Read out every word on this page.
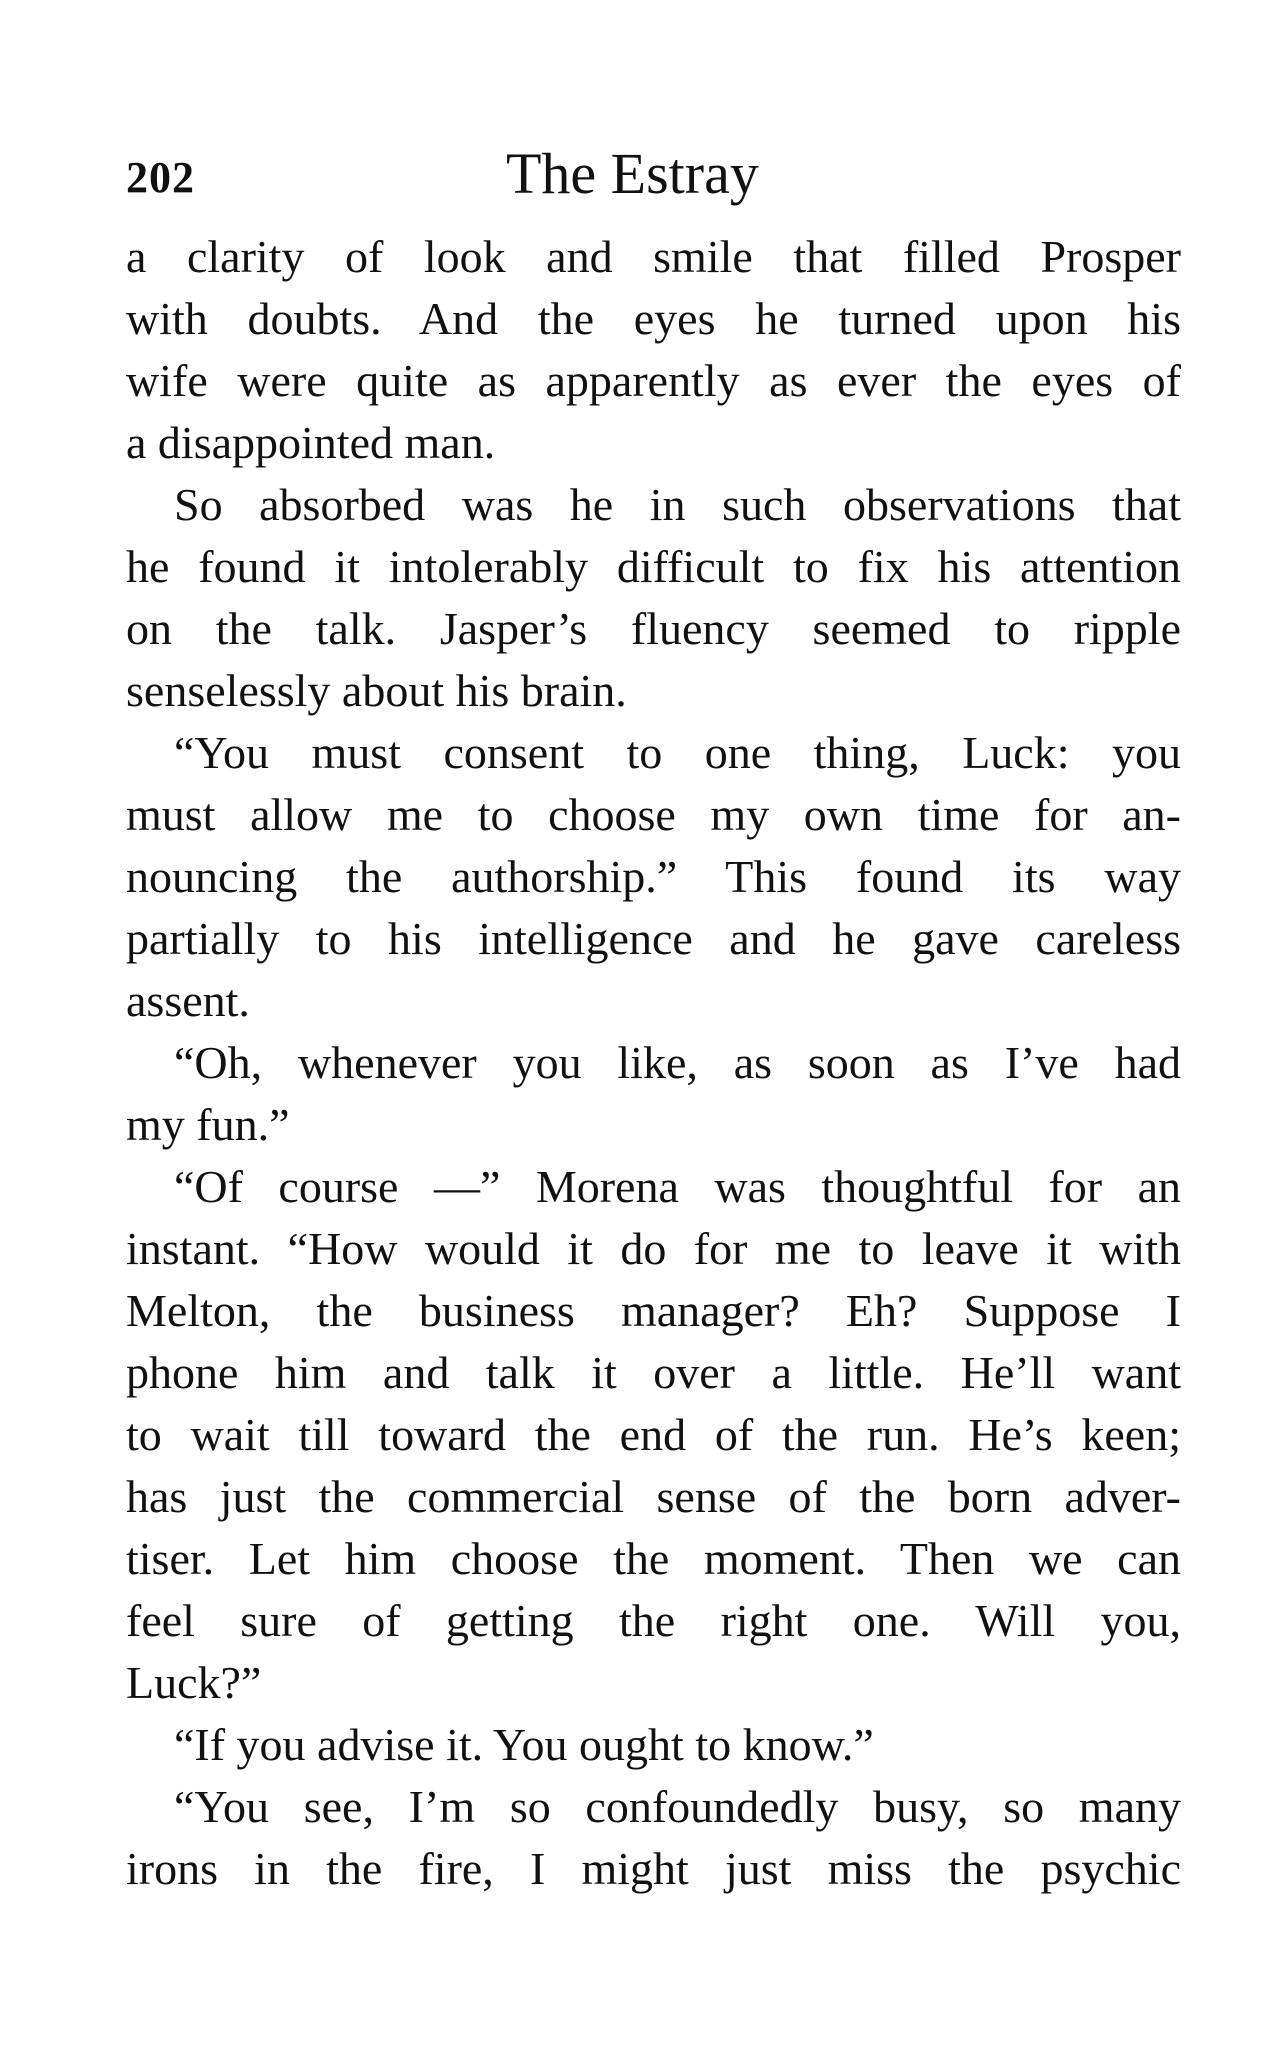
202	The Estray
a clarity of look and smile that filled Prosper
with doubts. And the eyes he turned upon his
wife were quite as apparently as ever the eyes of
a disappointed man.
So absorbed was he in such observations that
he found it intolerably difficult to fix his attention
on the talk. Jasper’s fluency seemed to ripple
senselessly about his brain.
“You must consent to one thing, Luck: you
must allow me to choose my own time for an-
nouncing the authorship.” This found its way
partially to his intelligence and he gave careless
assent.
“Oh, whenever you like, as soon as I’ve had
my fun.”
“Of course —” Morena was thoughtful for an
instant. “How would it do for me to leave it with
Melton, the business manager? Eh? Suppose I
phone him and talk it over a little. He’ll want
to wait till toward the end of the run. He’s keen;
has just the commercial sense of the born adver-
tiser. Let him choose the moment. Then we can
feel sure of getting the right one. Will you,
Luck?”
“If you advise it. You ought to know.”
“You see, I’m so confoundedly busy, so many
irons in the fire, I might just miss the psychic
